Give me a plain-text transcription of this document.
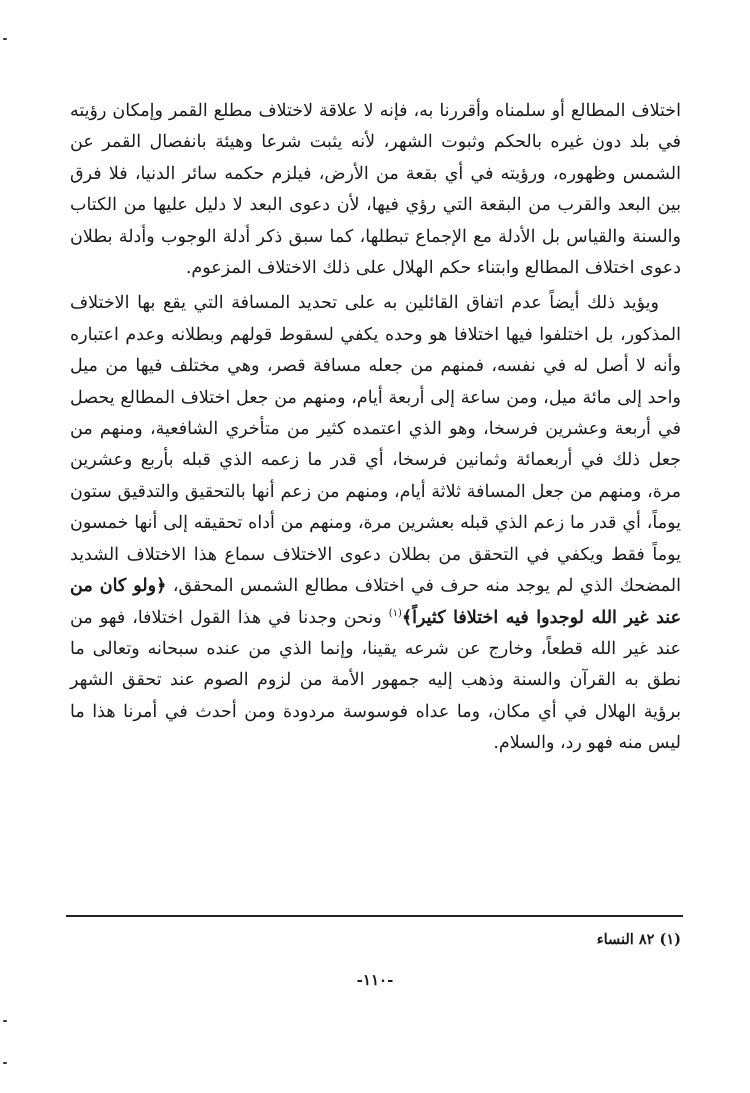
اختلاف المطالع أو سلمناه وأقررنا به، فإنه لا علاقة لاختلاف مطلع القمر وإمكان رؤيته في بلد دون غيره بالحكم وثبوت الشهر، لأنه يثبت شرعا وهيئة بانفصال القمر عن الشمس وظهوره، ورؤيته في أي بقعة من الأرض، فيلزم حكمه سائر الدنيا، فلا فرق بين البعد والقرب من البقعة التي رؤي فيها، لأن دعوى البعد لا دليل عليها من الكتاب والسنة والقياس بل الأدلة مع الإجماع تبطلها، كما سبق ذكر أدلة الوجوب وأدلة بطلان دعوى اختلاف المطالع وابتناء حكم الهلال على ذلك الاختلاف المزعوم.

ويؤيد ذلك أيضاً عدم اتفاق القائلين به على تحديد المسافة التي يقع بها الاختلاف المذكور، بل اختلفوا فيها اختلافا هو وحده يكفي لسقوط قولهم وبطلانه وعدم اعتباره وأنه لا أصل له في نفسه، فمنهم من جعله مسافة قصر، وهي مختلف فيها من ميل واحد إلى مائة ميل، ومن ساعة إلى أربعة أيام، ومنهم من جعل اختلاف المطالع يحصل في أربعة وعشرين فرسخا، وهو الذي اعتمده كثير من متأخري الشافعية، ومنهم من جعل ذلك في أربعمائة وثمانين فرسخا، أي قدر ما زعمه الذي قبله بأربع وعشرين مرة، ومنهم من جعل المسافة ثلاثة أيام، ومنهم من زعم أنها بالتحقيق والتدقيق ستون يوماً، أي قدر ما زعم الذي قبله بعشرين مرة، ومنهم من أداه تحقيقه إلى أنها خمسون يوماً فقط ويكفي في التحقق من بطلان دعوى الاختلاف سماع هذا الاختلاف الشديد المضحك الذي لم يوجد منه حرف في اختلاف مطالع الشمس المحقق، ﴿ولو كان من عند غير الله لوجدوا فيه اختلافا كثيراً﴾$^{(١)}$ ونحن وجدنا في هذا القول اختلافا، فهو من عند غير الله قطعاً، وخارج عن شرعه يقينا، وإنما الذي من عنده سبحانه وتعالى ما نطق به القرآن والسنة وذهب إليه جمهور الأمة من لزوم الصوم عند تحقق الشهر برؤية الهلال في أي مكان، وما عداه فوسوسة مردودة ومن أحدث في أمرنا هذا ما ليس منه فهو رد، والسلام.

(١) ٨٢ النساء
-١١٠-
